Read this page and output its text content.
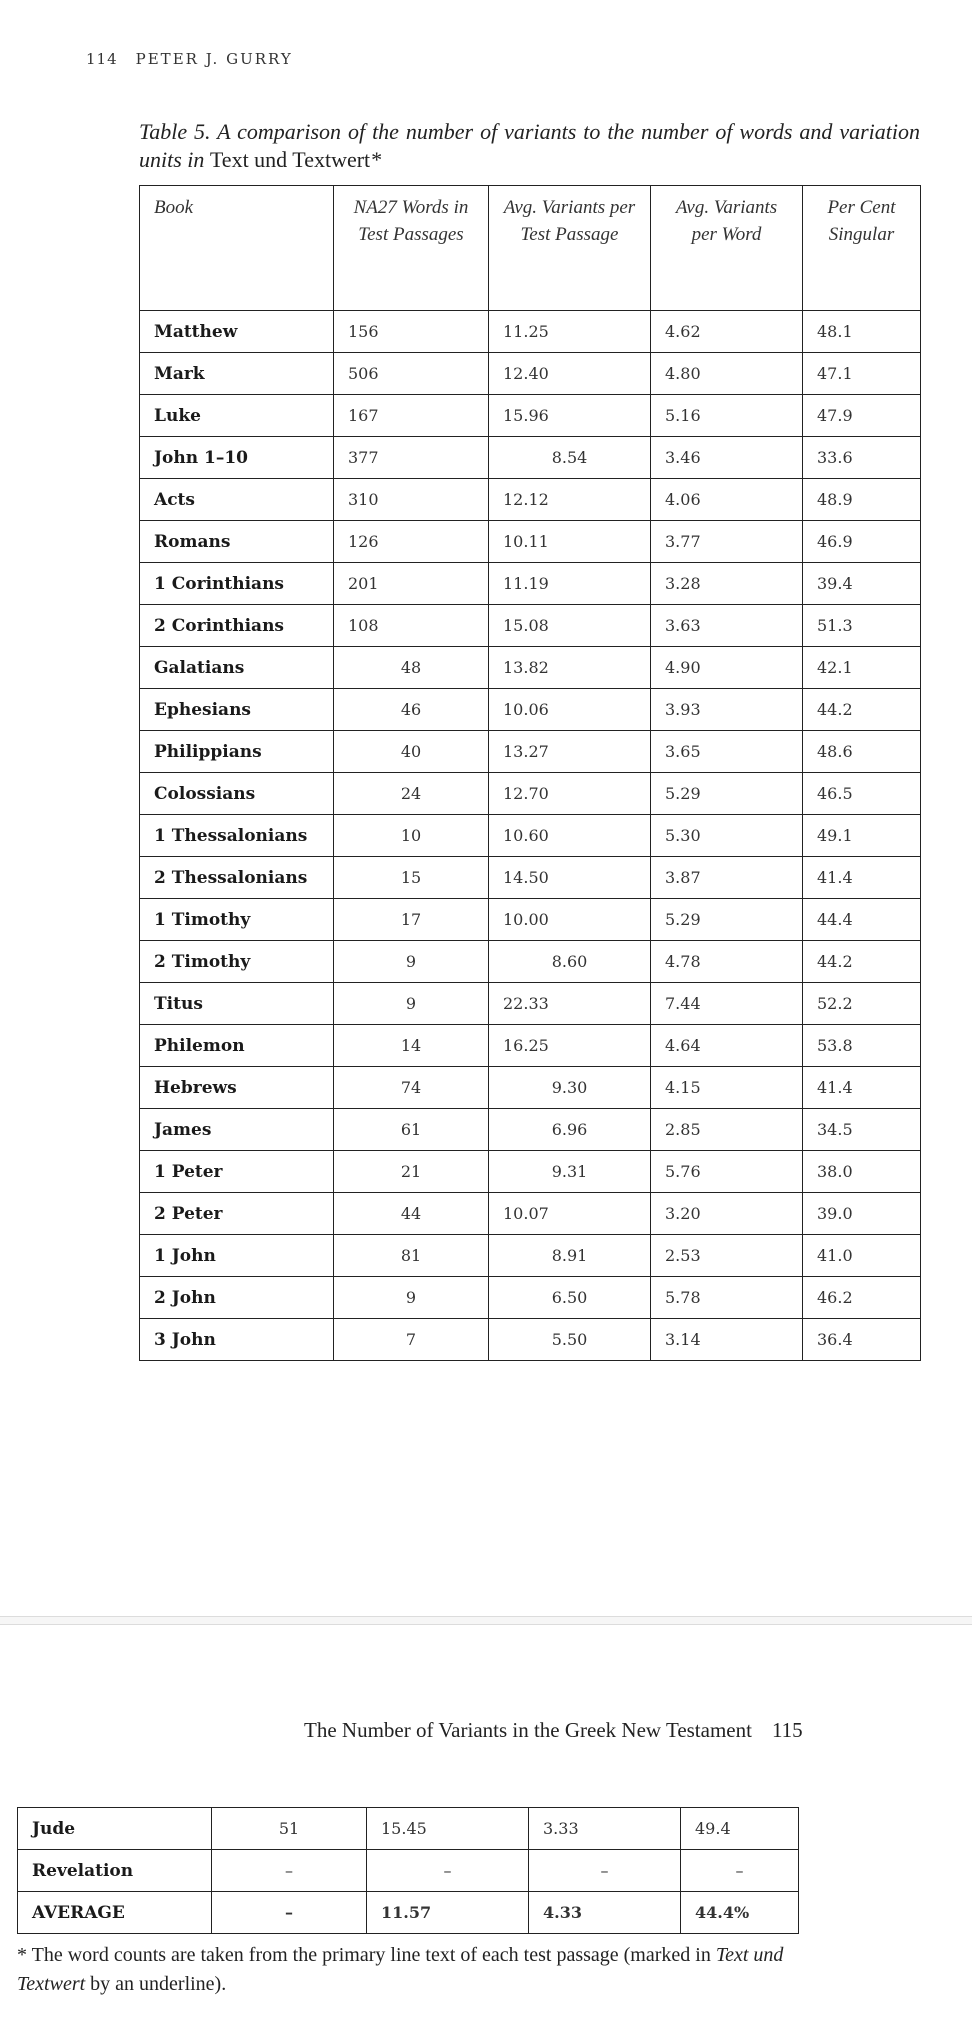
114 PETER J. GURRY
Table 5. A comparison of the number of variants to the number of words and variation units in Text und Textwert*
Book	NA27 Words in Test Passages	Avg. Variants per Test Passage	Avg. Variants per Word	Per Cent Singular
Matthew	156	11.25	4.62	48.1
Mark	506	12.40	4.80	47.1
Luke	167	15.96	5.16	47.9
John 1–10	377	8.54	3.46	33.6
Acts	310	12.12	4.06	48.9
Romans	126	10.11	3.77	46.9
1 Corinthians	201	11.19	3.28	39.4
2 Corinthians	108	15.08	3.63	51.3
Galatians	48	13.82	4.90	42.1
Ephesians	46	10.06	3.93	44.2
Philippians	40	13.27	3.65	48.6
Colossians	24	12.70	5.29	46.5
1 Thessalonians	10	10.60	5.30	49.1
2 Thessalonians	15	14.50	3.87	41.4
1 Timothy	17	10.00	5.29	44.4
2 Timothy	9	8.60	4.78	44.2
Titus	9	22.33	7.44	52.2
Philemon	14	16.25	4.64	53.8
Hebrews	74	9.30	4.15	41.4
James	61	6.96	2.85	34.5
1 Peter	21	9.31	5.76	38.0
2 Peter	44	10.07	3.20	39.0
1 John	81	8.91	2.53	41.0
2 John	9	6.50	5.78	46.2
3 John	7	5.50	3.14	36.4
The Number of Variants in the Greek New Testament 115
Jude	51	15.45	3.33	49.4
Revelation	–	–	–	–
AVERAGE	–	11.57	4.33	44.4%
* The word counts are taken from the primary line text of each test passage (marked in Text und Textwert by an underline).
